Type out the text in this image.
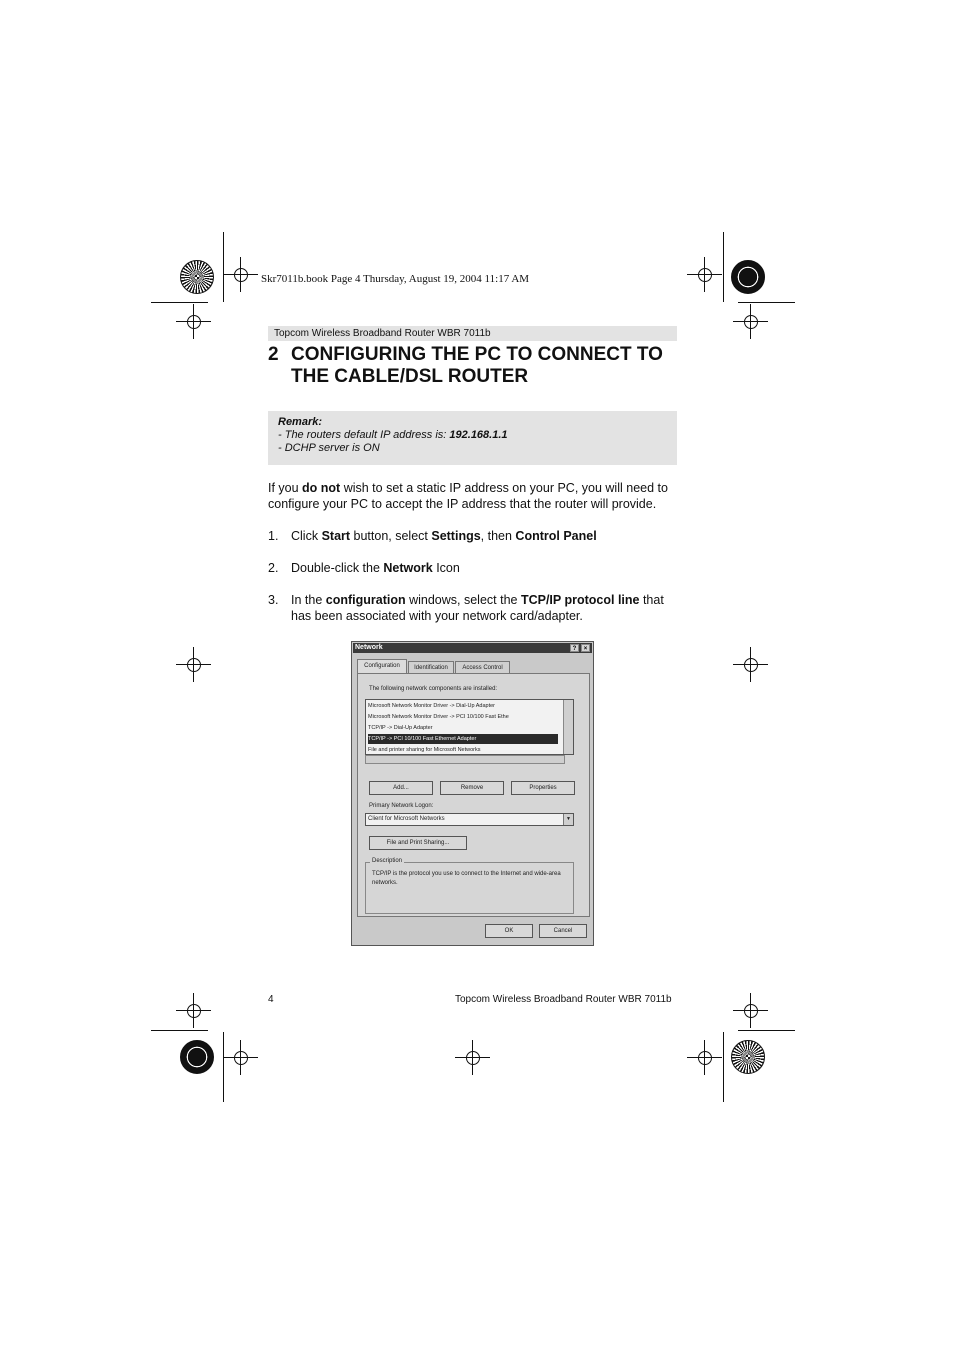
Skr7011b.book Page 4 Thursday, August 19, 2004 11:17 AM
Topcom Wireless Broadband Router WBR 7011b
2 CONFIGURING THE PC TO CONNECT TO THE CABLE/DSL ROUTER
Remark:
- The routers default IP address is: 192.168.1.1
- DCHP server is ON
If you do not wish to set a static IP address on your PC, you will need to configure your PC to accept the IP address that the router will provide.
1. Click Start button, select Settings, then Control Panel
2. Double-click the Network Icon
3. In the configuration windows, select the TCP/IP protocol line that has been associated with your network card/adapter.
Network	?	×
Configuration	Identification	Access Control
The following network components are installed:
Microsoft Network Monitor Driver -> Dial-Up Adapter
Microsoft Network Monitor Driver -> PCI 10/100 Fast Ethe
TCP/IP -> Dial-Up Adapter
TCP/IP -> PCI 10/100 Fast Ethernet Adapter
File and printer sharing for Microsoft Networks
Add...	Remove	Properties
Primary Network Logon:
Client for Microsoft Networks	▼
File and Print Sharing...
Description
TCP/IP is the protocol you use to connect to the Internet and wide-area networks.
OK	Cancel
4	Topcom Wireless Broadband Router WBR 7011b
